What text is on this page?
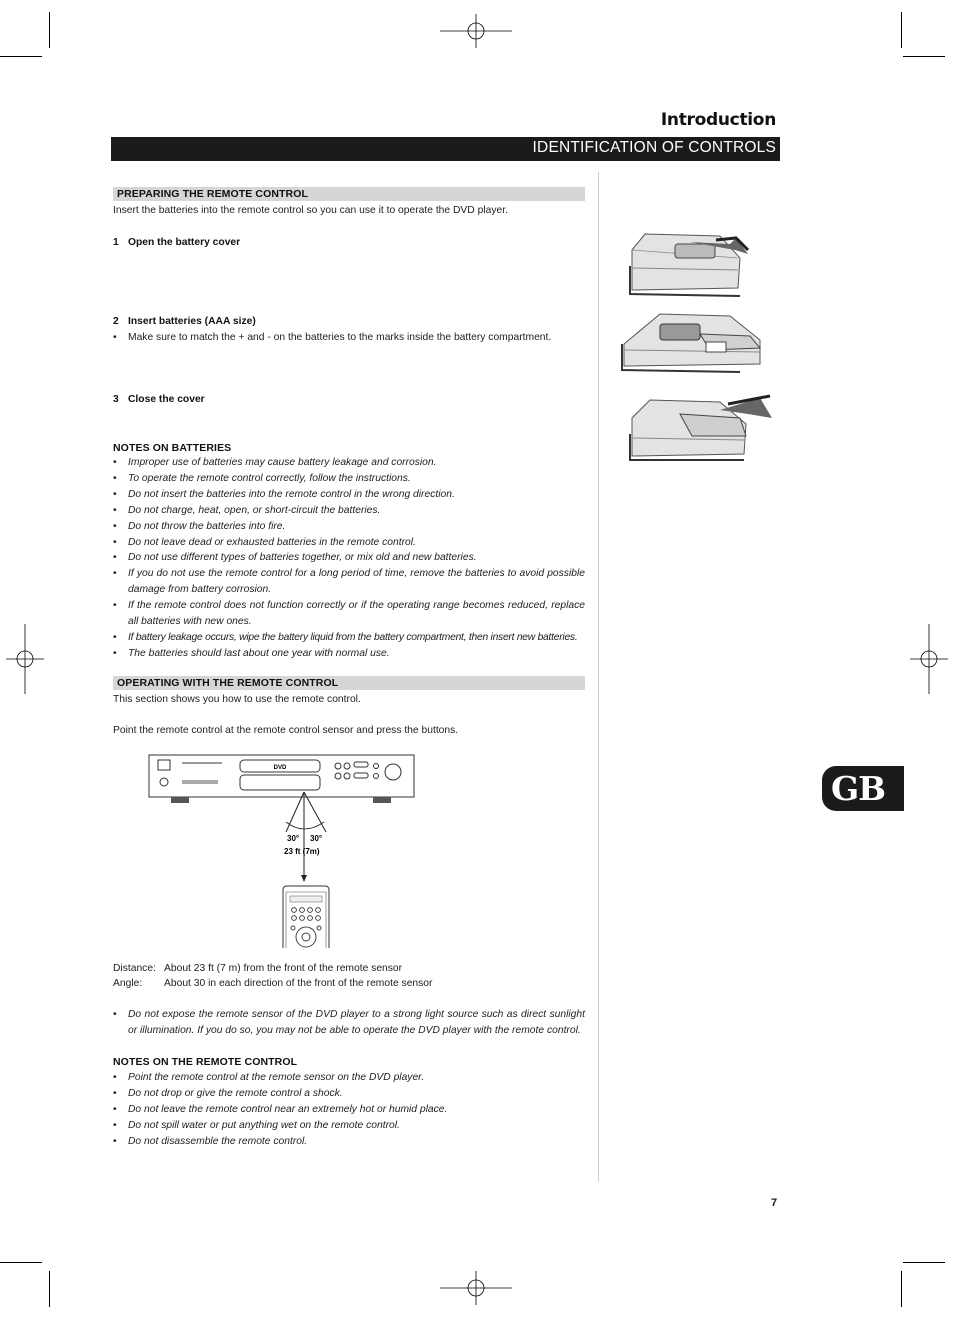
Introduction
IDENTIFICATION OF CONTROLS
PREPARING THE REMOTE CONTROL
Insert the batteries into the remote control so you can use it to operate the DVD player.
1 Open the battery cover
2 Insert batteries (AAA size)
• Make sure to match the + and - on the batteries to the marks inside the battery compartment.
3 Close the cover
NOTES ON BATTERIES
• Improper use of batteries may cause battery leakage and corrosion.
• To operate the remote control correctly, follow the instructions.
• Do not insert the batteries into the remote control in the wrong direction.
• Do not charge, heat, open, or short-circuit the batteries.
• Do not throw the batteries into fire.
• Do not leave dead or exhausted batteries in the remote control.
• Do not use different types of batteries together, or mix old and new batteries.
• If you do not use the remote control for a long period of time, remove the batteries to avoid possible damage from battery corrosion.
• If the remote control does not function correctly or if the operating range becomes reduced, replace all batteries with new ones.
• If battery leakage occurs, wipe the battery liquid from the battery compartment, then insert new batteries.
• The batteries should last about one year with normal use.
OPERATING WITH THE REMOTE CONTROL
This section shows you how to use the remote control.
Point the remote control at the remote control sensor and press the buttons.
DVD
30° 30°
23 ft (7m)
Distance: About 23 ft (7 m) from the front of the remote sensor
Angle: About 30 in each direction of the front of the remote sensor
• Do not expose the remote sensor of the DVD player to a strong light source such as direct sunlight or illumination. If you do so, you may not be able to operate the DVD player with the remote control.
NOTES ON THE REMOTE CONTROL
• Point the remote control at the remote sensor on the DVD player.
• Do not drop or give the remote control a shock.
• Do not leave the remote control near an extremely hot or humid place.
• Do not spill water or put anything wet on the remote control.
• Do not disassemble the remote control.
GB
7
